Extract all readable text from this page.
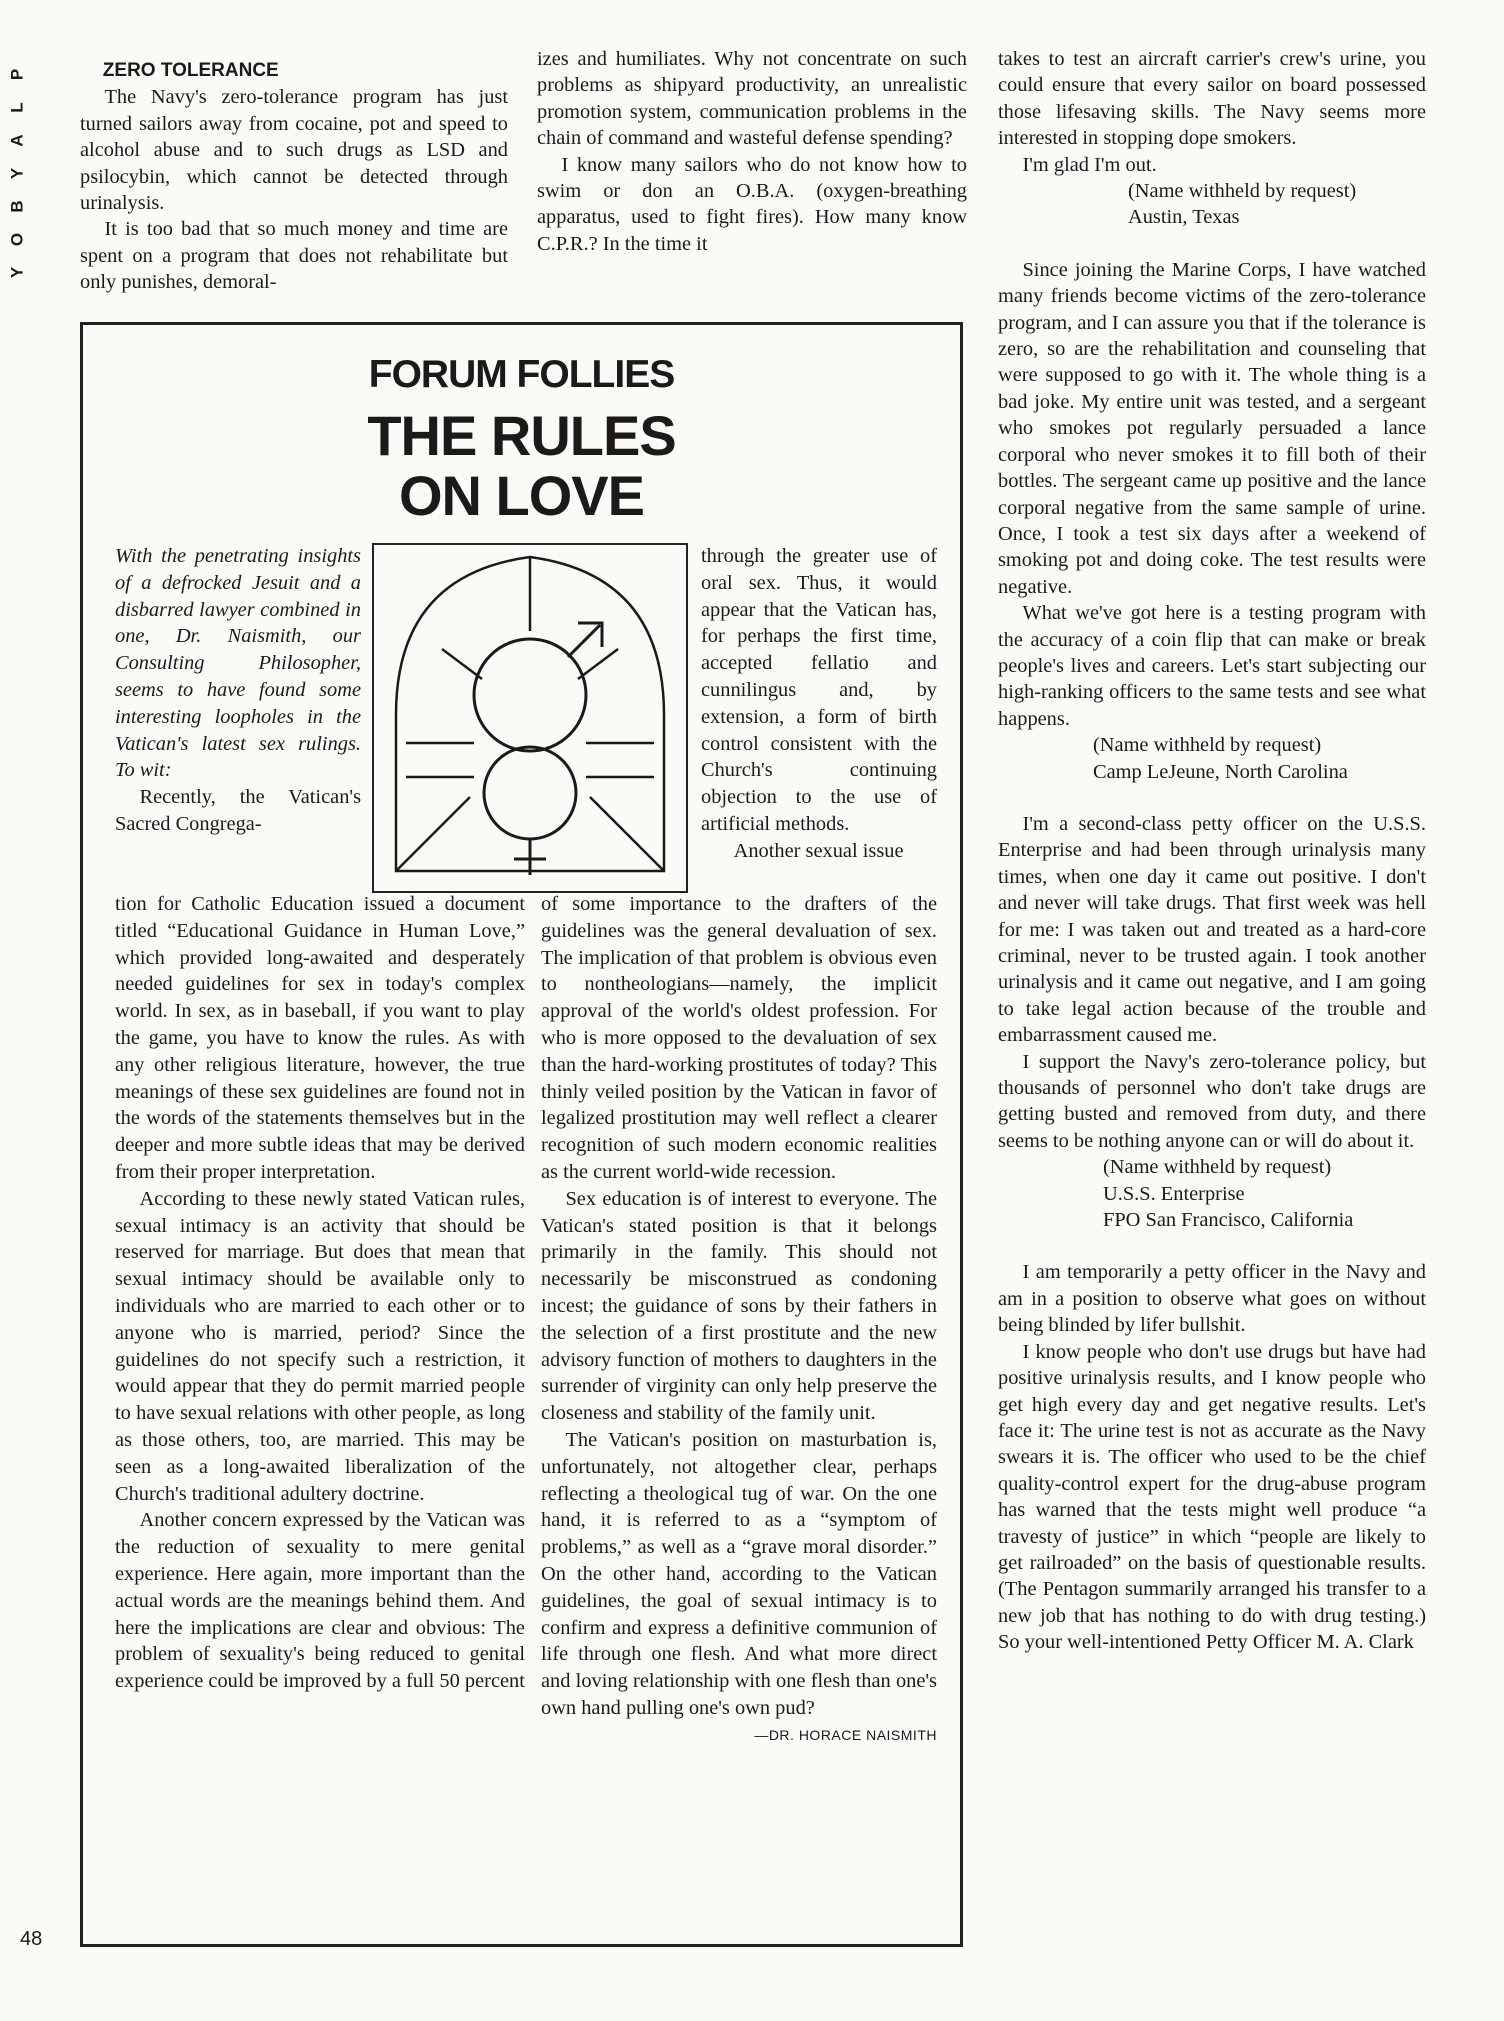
P
L
A
Y
B
O
Y
48

ZERO TOLERANCE

The Navy's zero-tolerance program has just turned sailors away from cocaine, pot and speed to alcohol abuse and to such drugs as LSD and psilocybin, which cannot be detected through urinalysis.

It is too bad that so much money and time are spent on a program that does not rehabilitate but only punishes, demoral-

izes and humiliates. Why not concentrate on such problems as shipyard productivity, an unrealistic promotion system, communication problems in the chain of command and wasteful defense spending?

I know many sailors who do not know how to swim or don an O.B.A. (oxygen-breathing apparatus, used to fight fires). How many know C.P.R.? In the time it

takes to test an aircraft carrier's crew's urine, you could ensure that every sailor on board possessed those lifesaving skills. The Navy seems more interested in stopping dope smokers.

I'm glad I'm out.

(Name withheld by request)
Austin, Texas

Since joining the Marine Corps, I have watched many friends become victims of the zero-tolerance program, and I can assure you that if the tolerance is zero, so are the rehabilitation and counseling that were supposed to go with it. The whole thing is a bad joke. My entire unit was tested, and a sergeant who smokes pot regularly persuaded a lance corporal who never smokes it to fill both of their bottles. The sergeant came up positive and the lance corporal negative from the same sample of urine. Once, I took a test six days after a weekend of smoking pot and doing coke. The test results were negative.

What we've got here is a testing program with the accuracy of a coin flip that can make or break people's lives and careers. Let's start subjecting our high-ranking officers to the same tests and see what happens.

(Name withheld by request)
Camp LeJeune, North Carolina

I'm a second-class petty officer on the U.S.S. Enterprise and had been through urinalysis many times, when one day it came out positive. I don't and never will take drugs. That first week was hell for me: I was taken out and treated as a hard-core criminal, never to be trusted again. I took another urinalysis and it came out negative, and I am going to take legal action because of the trouble and embarrassment caused me.

I support the Navy's zero-tolerance policy, but thousands of personnel who don't take drugs are getting busted and removed from duty, and there seems to be nothing anyone can or will do about it.

(Name withheld by request)
U.S.S. Enterprise
FPO San Francisco, California

I am temporarily a petty officer in the Navy and am in a position to observe what goes on without being blinded by lifer bullshit.

I know people who don't use drugs but have had positive urinalysis results, and I know people who get high every day and get negative results. Let's face it: The urine test is not as accurate as the Navy swears it is. The officer who used to be the chief quality-control expert for the drug-abuse program has warned that the tests might well produce “a travesty of justice” in which “people are likely to get railroaded” on the basis of questionable results. (The Pentagon summarily arranged his transfer to a new job that has nothing to do with drug testing.) So your well-intentioned Petty Officer M. A. Clark

FORUM FOLLIES
THE RULES
ON LOVE

With the penetrating insights of a defrocked Jesuit and a disbarred lawyer combined in one, Dr. Naismith, our Consulting Philosopher, seems to have found some interesting loopholes in the Vatican's latest sex rulings. To wit:

Recently, the Vatican's Sacred Congrega-

through the greater use of oral sex. Thus, it would appear that the Vatican has, for perhaps the first time, accepted fellatio and cunnilingus and, by extension, a form of birth control consistent with the Church's continuing objection to the use of artificial methods.

Another sexual issue

tion for Catholic Education issued a document titled “Educational Guidance in Human Love,” which provided long-awaited and desperately needed guidelines for sex in today's complex world. In sex, as in baseball, if you want to play the game, you have to know the rules. As with any other religious literature, however, the true meanings of these sex guidelines are found not in the words of the statements themselves but in the deeper and more subtle ideas that may be derived from their proper interpretation.

According to these newly stated Vatican rules, sexual intimacy is an activity that should be reserved for marriage. But does that mean that sexual intimacy should be available only to individuals who are married to each other or to anyone who is married, period? Since the guidelines do not specify such a restriction, it would appear that they do permit married people to have sexual relations with other people, as long as those others, too, are married. This may be seen as a long-awaited liberalization of the Church's traditional adultery doctrine.

Another concern expressed by the Vatican was the reduction of sexuality to mere genital experience. Here again, more important than the actual words are the meanings behind them. And here the implications are clear and obvious: The problem of sexuality's being reduced to genital experience could be improved by a full 50 percent

of some importance to the drafters of the guidelines was the general devaluation of sex. The implication of that problem is obvious even to nontheologians—namely, the implicit approval of the world's oldest profession. For who is more opposed to the devaluation of sex than the hard-working prostitutes of today? This thinly veiled position by the Vatican in favor of legalized prostitution may well reflect a clearer recognition of such modern economic realities as the current world-wide recession.

Sex education is of interest to everyone. The Vatican's stated position is that it belongs primarily in the family. This should not necessarily be misconstrued as condoning incest; the guidance of sons by their fathers in the selection of a first prostitute and the new advisory function of mothers to daughters in the surrender of virginity can only help preserve the closeness and stability of the family unit.

The Vatican's position on masturbation is, unfortunately, not altogether clear, perhaps reflecting a theological tug of war. On the one hand, it is referred to as a “symptom of problems,” as well as a “grave moral disorder.” On the other hand, according to the Vatican guidelines, the goal of sexual intimacy is to confirm and express a definitive communion of life through one flesh. And what more direct and loving relationship with one flesh than one's own hand pulling one's own pud?
—DR. HORACE NAISMITH
